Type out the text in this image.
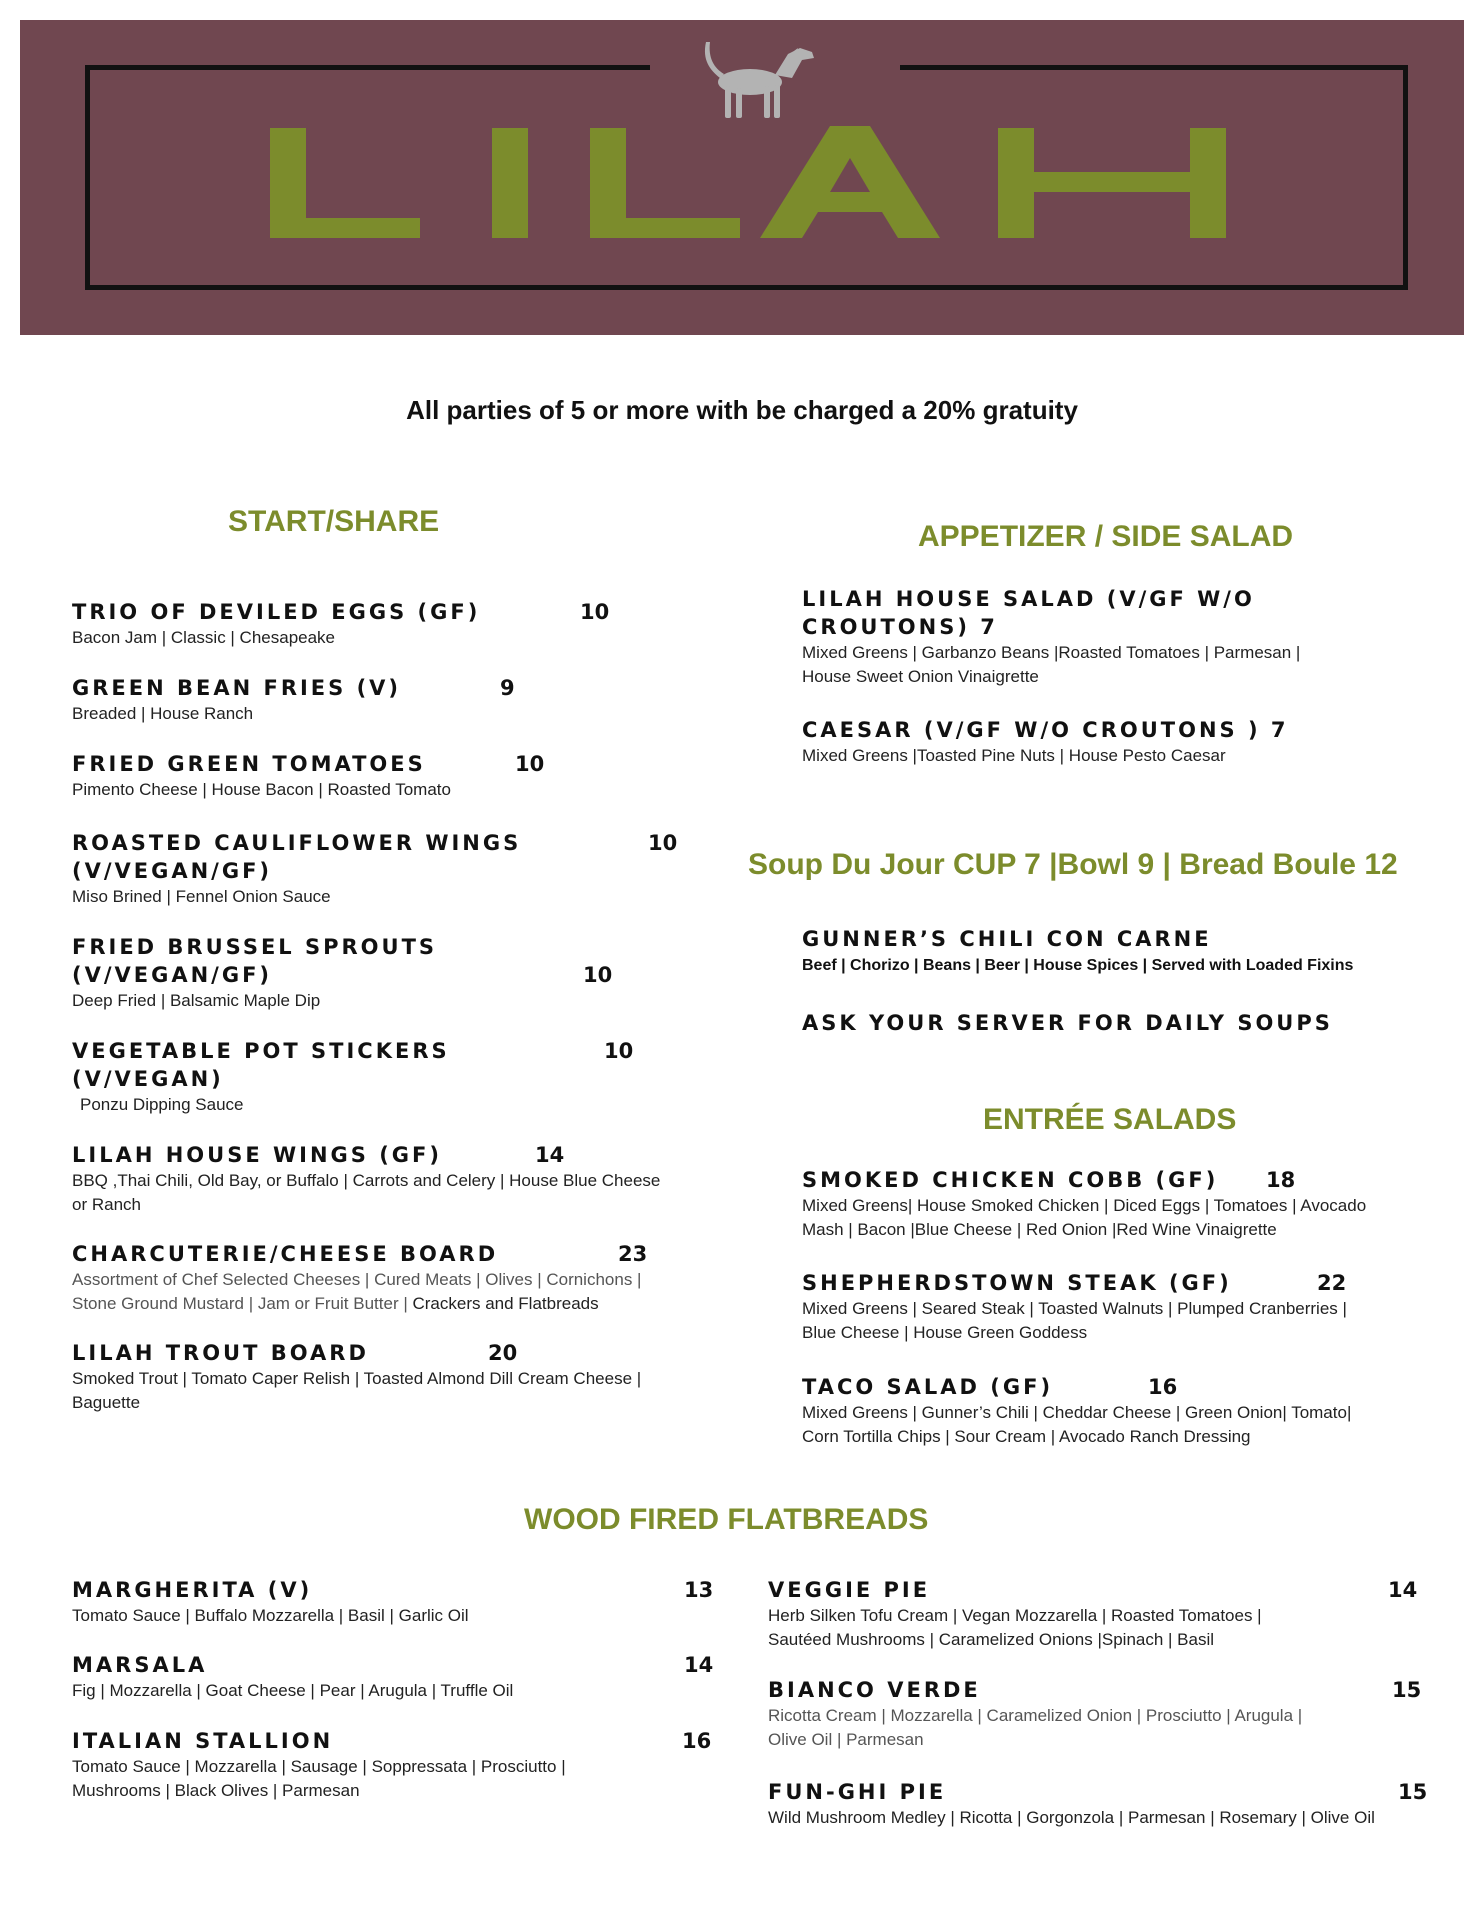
All parties of 5 or more with be charged a 20% gratuity
START/SHARE
TRIO OF DEVILED EGGS (GF)	10
Bacon Jam | Classic | Chesapeake
GREEN BEAN FRIES (V)	9
Breaded | House Ranch
FRIED GREEN TOMATOES	10
Pimento Cheese | House Bacon | Roasted Tomato
ROASTED CAULIFLOWER WINGS	10
(V/VEGAN/GF)
Miso Brined | Fennel Onion Sauce
FRIED BRUSSEL SPROUTS
(V/VEGAN/GF)	10
Deep Fried | Balsamic Maple Dip
VEGETABLE POT STICKERS	10
(V/VEGAN)
Ponzu Dipping Sauce
LILAH HOUSE WINGS (GF)	14
BBQ ,Thai Chili, Old Bay, or Buffalo | Carrots and Celery | House Blue Cheese
or Ranch
CHARCUTERIE/CHEESE BOARD	23
Assortment of Chef Selected Cheeses | Cured Meats | Olives | Cornichons |
Stone Ground Mustard | Jam or Fruit Butter | Crackers and Flatbreads
LILAH TROUT BOARD	20
Smoked Trout | Tomato Caper Relish | Toasted Almond Dill Cream Cheese |
Baguette
APPETIZER / SIDE SALAD
LILAH HOUSE SALAD (V/GF W/O
CROUTONS) 7
Mixed Greens | Garbanzo Beans |Roasted Tomatoes | Parmesan |
House Sweet Onion Vinaigrette
CAESAR (V/GF W/O CROUTONS ) 7
Mixed Greens |Toasted Pine Nuts | House Pesto Caesar
Soup Du Jour CUP 7 |Bowl 9 | Bread Boule 12
GUNNER’S CHILI CON CARNE
Beef | Chorizo | Beans | Beer | House Spices | Served with Loaded Fixins
ASK YOUR SERVER FOR DAILY SOUPS
ENTRÉE SALADS
SMOKED CHICKEN COBB (GF) 18
Mixed Greens| House Smoked Chicken | Diced Eggs | Tomatoes | Avocado
Mash | Bacon |Blue Cheese | Red Onion |Red Wine Vinaigrette
SHEPHERDSTOWN STEAK (GF)	22
Mixed Greens | Seared Steak | Toasted Walnuts | Plumped Cranberries |
Blue Cheese | House Green Goddess
TACO SALAD (GF)	16
Mixed Greens | Gunner’s Chili | Cheddar Cheese | Green Onion| Tomato|
Corn Tortilla Chips | Sour Cream | Avocado Ranch Dressing
WOOD FIRED FLATBREADS
MARGHERITA (V)	13
Tomato Sauce | Buffalo Mozzarella | Basil | Garlic Oil
MARSALA	14
Fig | Mozzarella | Goat Cheese | Pear | Arugula | Truffle Oil
ITALIAN STALLION	16
Tomato Sauce | Mozzarella | Sausage | Soppressata | Prosciutto |
Mushrooms | Black Olives | Parmesan
VEGGIE PIE	14
Herb Silken Tofu Cream | Vegan Mozzarella | Roasted Tomatoes |
Sautéed Mushrooms | Caramelized Onions |Spinach | Basil
BIANCO VERDE	15
Ricotta Cream | Mozzarella | Caramelized Onion | Prosciutto | Arugula |
Olive Oil | Parmesan
FUN-GHI PIE	15
Wild Mushroom Medley | Ricotta | Gorgonzola | Parmesan | Rosemary | Olive Oil
